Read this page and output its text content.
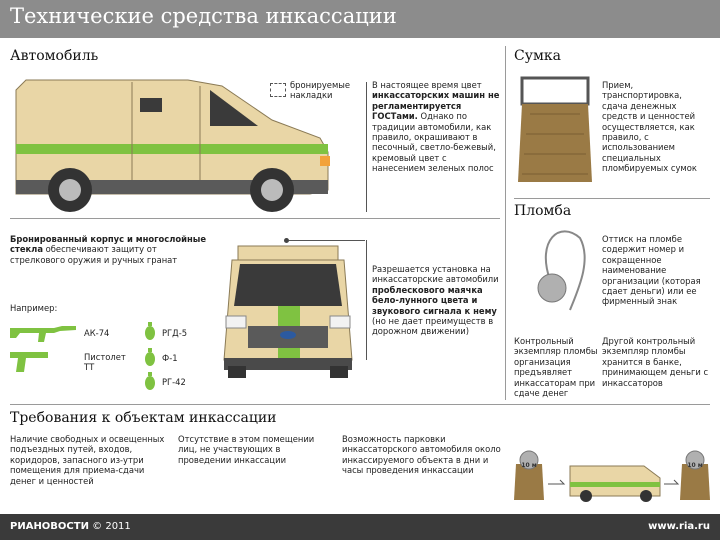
Технические средства инкассации
Автомобиль	Сумка
Пломба
Требования к объектам инкассации
бронируемые накладки
В настоящее время цвет инкассаторских машин не регламентируется ГОСТами. Однако по традиции автомобили, как правило, окрашивают в песочный, светло-бежевый, кремовый цвет с нанесением зеленых полос
Бронированный корпус и многослойные стекла обеспечивают защиту от стрелкового оружия и ручных гранат
Например:
АК-74
Пистолет ТТ
РГД-5
Ф-1
РГ-42
Разрешается установка на инкассаторские автомобили проблескового маячка бело-лунного цвета и звукового сигнала к нему (но не дает преимуществ в дорожном движении)
Прием, транспортировка, сдача денежных средств и ценностей осуществляется, как правило, с использованием специальных пломбируемых сумок
Оттиск на пломбе содержит номер и сокращенное наименование организации (которая сдает деньги) или ее фирменный знак
Контрольный экземпляр пломбы организация предъявляет инкассаторам при сдаче денег
Другой контрольный экземпляр пломбы хранится в банке, принимающем деньги с инкассаторов
Наличие свободных и освещенных подъездных путей, входов, коридоров, запасного из-утри помещения для приема-сдачи денег и ценностей
Отсутствие в этом помещении лиц, не участвующих в проведении инкассации
Возможность парковки инкассаторского автомобиля около инкассируемого объекта в дни и часы проведения инкассации	10 м	10 м
РИАНОВОСТИ © 2011	www.ria.ru
